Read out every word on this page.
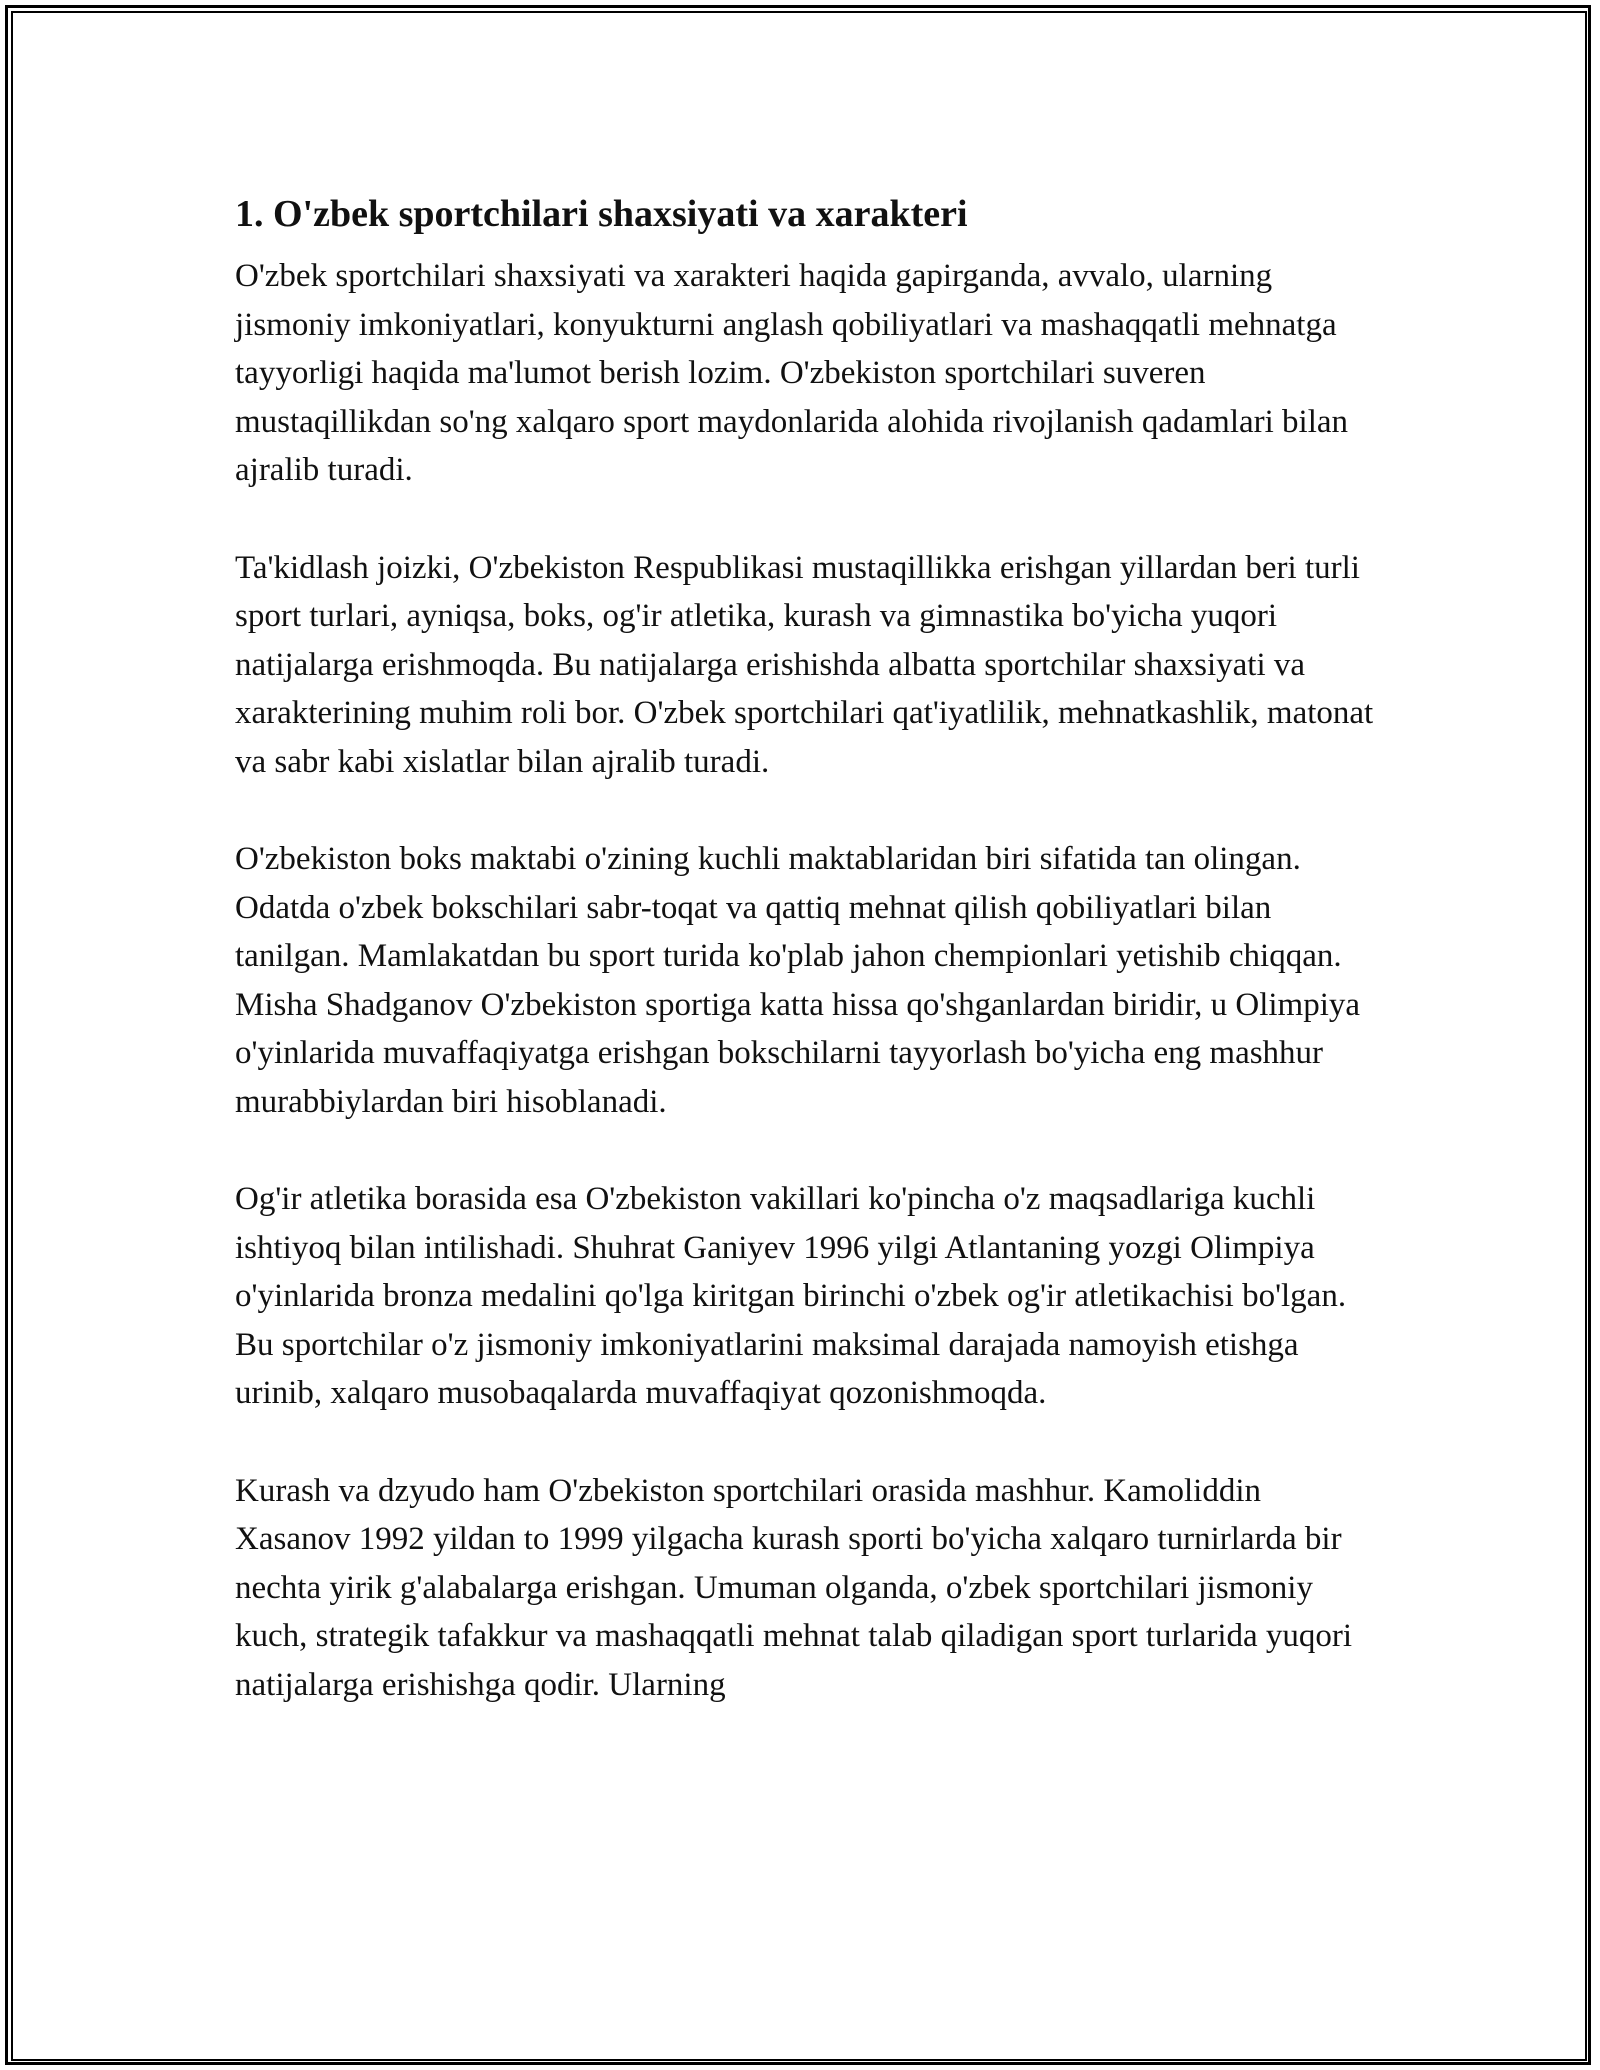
1. O'zbek sportchilari shaxsiyati va xarakteri

O'zbek sportchilari shaxsiyati va xarakteri haqida gapirganda, avvalo, ularning jismoniy imkoniyatlari, konyukturni anglash qobiliyatlari va mashaqqatli mehnatga tayyorligi haqida ma'lumot berish lozim. O'zbekiston sportchilari suveren mustaqillikdan so'ng xalqaro sport maydonlarida alohida rivojlanish qadamlari bilan ajralib turadi.

Ta'kidlash joizki, O'zbekiston Respublikasi mustaqillikka erishgan yillardan beri turli sport turlari, ayniqsa, boks, og'ir atletika, kurash va gimnastika bo'yicha yuqori natijalarga erishmoqda. Bu natijalarga erishishda albatta sportchilar shaxsiyati va xarakterining muhim roli bor. O'zbek sportchilari qat'iyatlilik, mehnatkashlik, matonat va sabr kabi xislatlar bilan ajralib turadi.

O'zbekiston boks maktabi o'zining kuchli maktablaridan biri sifatida tan olingan. Odatda o'zbek bokschilari sabr-toqat va qattiq mehnat qilish qobiliyatlari bilan tanilgan. Mamlakatdan bu sport turida ko'plab jahon chempionlari yetishib chiqqan. Misha Shadganov O'zbekiston sportiga katta hissa qo'shganlardan biridir, u Olimpiya o'yinlarida muvaffaqiyatga erishgan bokschilarni tayyorlash bo'yicha eng mashhur murabbiylardan biri hisoblanadi.

Og'ir atletika borasida esa O'zbekiston vakillari ko'pincha o'z maqsadlariga kuchli ishtiyoq bilan intilishadi. Shuhrat Ganiyev 1996 yilgi Atlantaning yozgi Olimpiya o'yinlarida bronza medalini qo'lga kiritgan birinchi o'zbek og'ir atletikachisi bo'lgan. Bu sportchilar o'z jismoniy imkoniyatlarini maksimal darajada namoyish etishga urinib, xalqaro musobaqalarda muvaffaqiyat qozonishmoqda.

Kurash va dzyudo ham O'zbekiston sportchilari orasida mashhur. Kamoliddin Xasanov 1992 yildan to 1999 yilgacha kurash sporti bo'yicha xalqaro turnirlarda bir nechta yirik g'alabalarga erishgan. Umuman olganda, o'zbek sportchilari jismoniy kuch, strategik tafakkur va mashaqqatli mehnat talab qiladigan sport turlarida yuqori natijalarga erishishga qodir. Ularning
